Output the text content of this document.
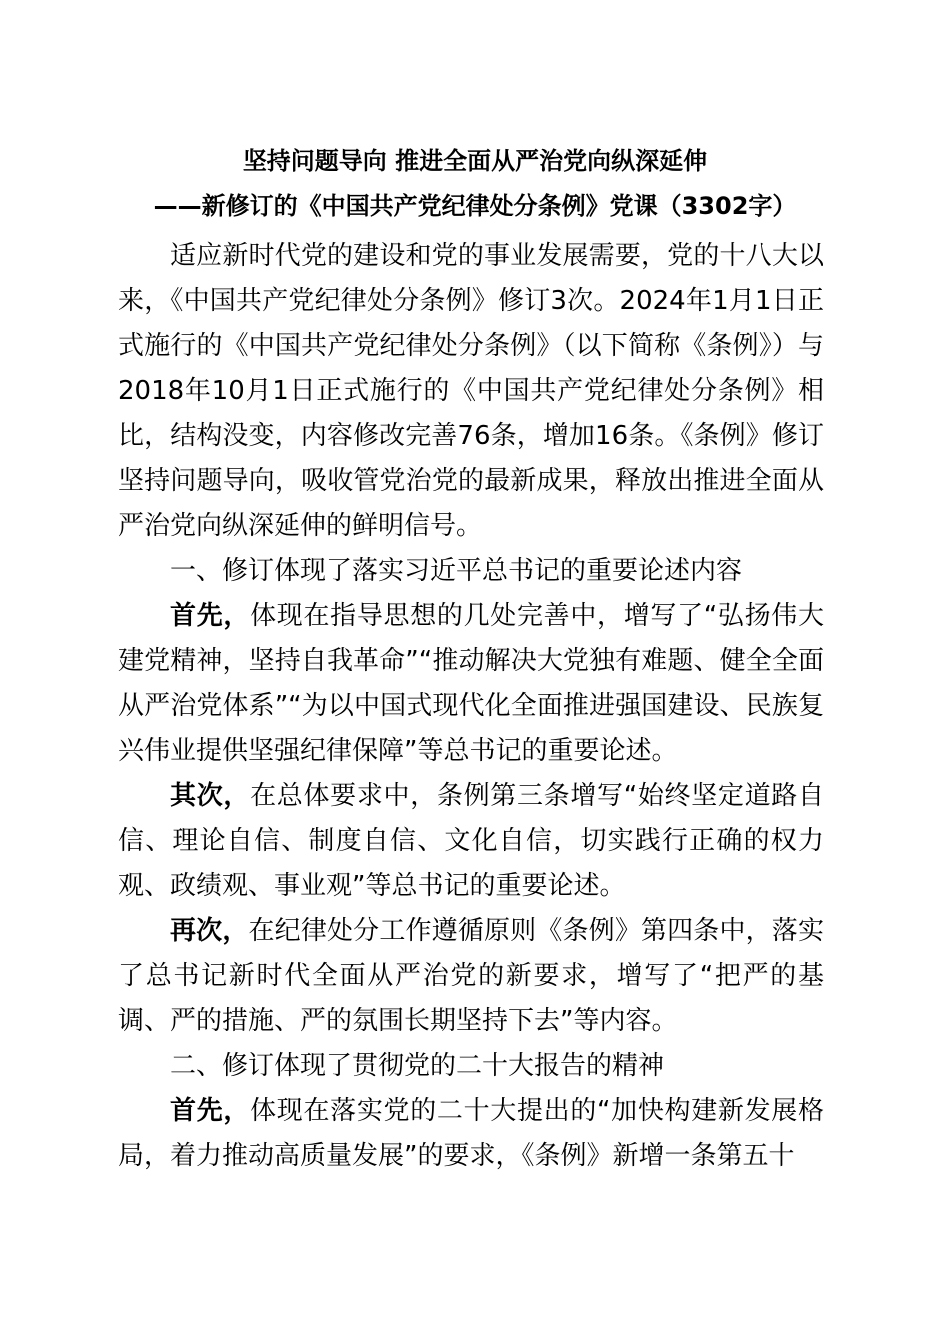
坚持问题导向 推进全面从严治党向纵深延伸
——新修订的《中国共产党纪律处分条例》党课（3302字）

适应新时代党的建设和党的事业发展需要，党的十八大以来，《中国共产党纪律处分条例》修订3次。2024年1月1日正式施行的《中国共产党纪律处分条例》（以下简称《条例》）与2018年10月1日正式施行的《中国共产党纪律处分条例》相比，结构没变，内容修改完善76条，增加16条。《条例》修订坚持问题导向，吸收管党治党的最新成果，释放出推进全面从严治党向纵深延伸的鲜明信号。

一、修订体现了落实习近平总书记的重要论述内容

首先，体现在指导思想的几处完善中，增写了“弘扬伟大建党精神，坚持自我革命”“推动解决大党独有难题、健全全面从严治党体系”“为以中国式现代化全面推进强国建设、民族复兴伟业提供坚强纪律保障”等总书记的重要论述。

其次，在总体要求中，条例第三条增写“始终坚定道路自信、理论自信、制度自信、文化自信，切实践行正确的权力观、政绩观、事业观”等总书记的重要论述。

再次，在纪律处分工作遵循原则《条例》第四条中，落实了总书记新时代全面从严治党的新要求，增写了“把严的基调、严的措施、严的氛围长期坚持下去”等内容。

二、修订体现了贯彻党的二十大报告的精神

首先，体现在落实党的二十大提出的“加快构建新发展格局，着力推动高质量发展”的要求，《条例》新增一条第五十
